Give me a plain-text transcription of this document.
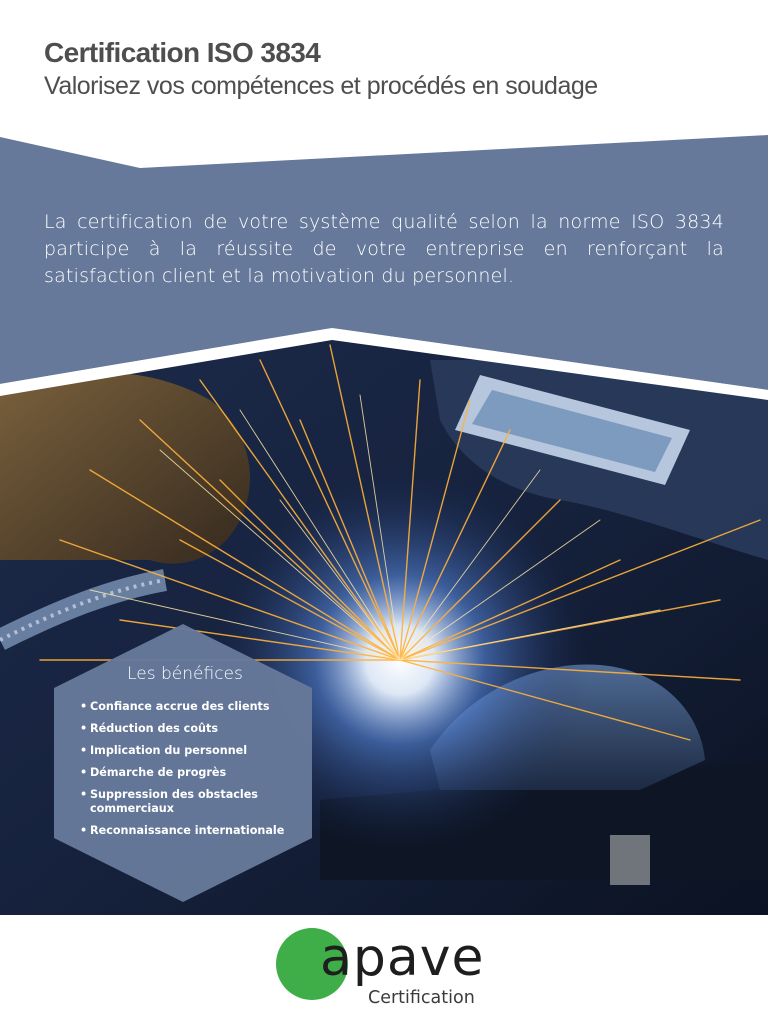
Certification ISO 3834
Valorisez vos compétences et procédés en soudage

La certification de votre système qualité selon la norme ISO 3834 participe à la réussite de votre entreprise en renforçant la satisfaction client et la motivation du personnel.

Les bénéfices
• Confiance accrue des clients
• Réduction des coûts
• Implication du personnel
• Démarche de progrès
• Suppression des obstacles commerciaux
• Reconnaissance internationale
apave
Certification
